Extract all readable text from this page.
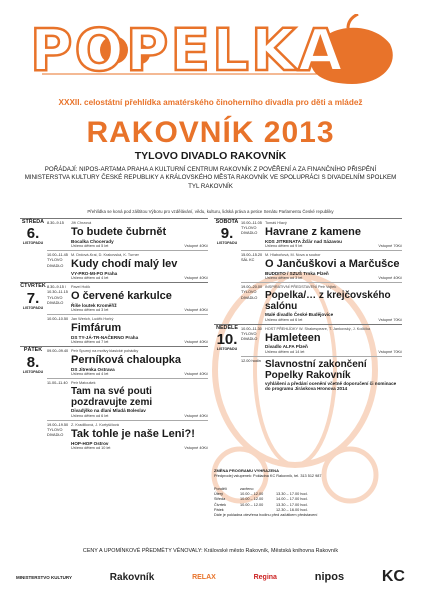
POPELKA
XXXII. celostátní přehlídka amatérského činoherního divadla pro děti a mládež
RAKOVNÍK 2013
TYLOVO DIVADLO RAKOVNÍK
POŘÁDAJÍ: NIPOS-ARTAMA PRAHA A KULTURNÍ CENTRUM RAKOVNÍK Z POVĚŘENÍ A ZA FINANČNÍHO PŘISPĚNÍ MINISTERSTVA KULTURY ČESKÉ REPUBLIKY A KRÁLOVSKÉHO MĚSTA RAKOVNÍK VE SPOLUPRÁCI S DIVADELNÍM SPOLKEM TYL RAKOVNÍK
Přehlídka se koná pod záštitou Výboru pro vzdělávání, vědu, kulturu, lidská práva a petice Senátu Parlamentu České republiky
STŘEDA
6.
LISTOPADU
8.30–9.15	Jiří Chrzová
To budete čubrnět
Bocalka Chocerady
Určeno dětem od 5 let	Vstupné 40Kč
10.00–11.45
TYLOVO DIVADLO
M. Drdová-Krai, D. Krakovská, K. Turner
Kudy chodí malý lev
VY-PRO-MI-PO Praha
Určeno dětem od 4 let	Vstupné 40Kč
ČTVRTEK
7.
LISTOPADU
8.30–9.15 / 10.30–11.15
TYLOVO DIVADLO
Pavel Holík
O červené karkulce
Říše loutek Kroměříž
Určeno dětem od 3 let	Vstupné 40Kč
10.00–10.50 Jan Werich, Luděk Horký
Fimfárum
DS TY-JÁ-TR-NAČERNO Praha
Určeno dětem od 7 let	Vstupné 40Kč
PÁTEK
8.
LISTOPADU
09.00–09.40 Petr Spurný na motivy klasické pohádky
Perníková chaloupka
DS Jitrenka Ostrava
Určeno dětem od 4 let	Vstupné 40Kč
11.00–11.40 Petr Matoušek
Tam na své pouti pozdravujte zemi
Divadýlko na dlani Mladá Boleslav
Určeno dětem od 6 let	Vstupné 40Kč
19.00–19.50
TYLOVO DIVADLO
Z. Kradilková, J. Kortyščiová
Tak tohle je naše Leni?!
HOP-HOP Ostrov
Určeno dětem od 10 let	Vstupné 40Kč
SOBOTA
9.
LISTOPADU
10.00–11.05
TYLOVO DIVADLO
Tomáš Hlavý
Havrane z kamene
KDS JITRENATA Žďár nad Sázavou
Určeno dětem od 9 let	Vstupné 70Kč
15.00–15.20
SÁL KC
M. Hlaboňová, M. Nova a soubor
O Jančuškovi a Marčušce
BUDDITO / SZUŠ Trnka Plzeň
Určeno dětem od 3 let	Vstupné 40Kč
19.00–20.00
TYLOVO DIVADLO
INSPIRATIVNÍ PŘEDSTAVENÍ Petr Vojtek
Popelka/… z krejčovského salónu
Malé divadlo České Budějovice
Určeno dětem od 6 let	Vstupné 70Kč
NEDĚLE
10.
LISTOPADU
10.00–11.30
TYLOVO DIVADLO
HOST PŘEHLÍDKY W. Shakespeare, T. Jankovský, J. Kočička
Hamleteen
Divadlo ALFA Plzeň
Určeno dětem od 14 let	Vstupné 70Kč
12.00 hodin Slavnostní zakončení Popelky Rakovník
vyhlášení a předání ocenění včetně doporučení či nominace do programu Jiráskova Hronova 2014
ZMĚNA PROGRAMU VYHRAZENA
Předprodej vstupenek: Pokladna KC Rakovník, tel. 313 512 987
Pondělí	zavřeno
Úterý	10.00 – 12.00	13.30 – 17.00 hod.
Středa	10.00 – 12.00	14.00 – 17.00 hod.
Čtvrtek	10.00 – 12.00	13.30 – 17.00 hod.
Pátek	12.30 – 16.00 hod.
Dále je pokladna otevřena hodinu před začátkem představení
CENY A UPOMÍNKOVÉ PŘEDMĚTY VĚNOVALY: Královské město Rakovník, Městská knihovna Rakovník
MINISTERSTVO KULTURY	Rakovník	RELAX	Regina	nipos KC
